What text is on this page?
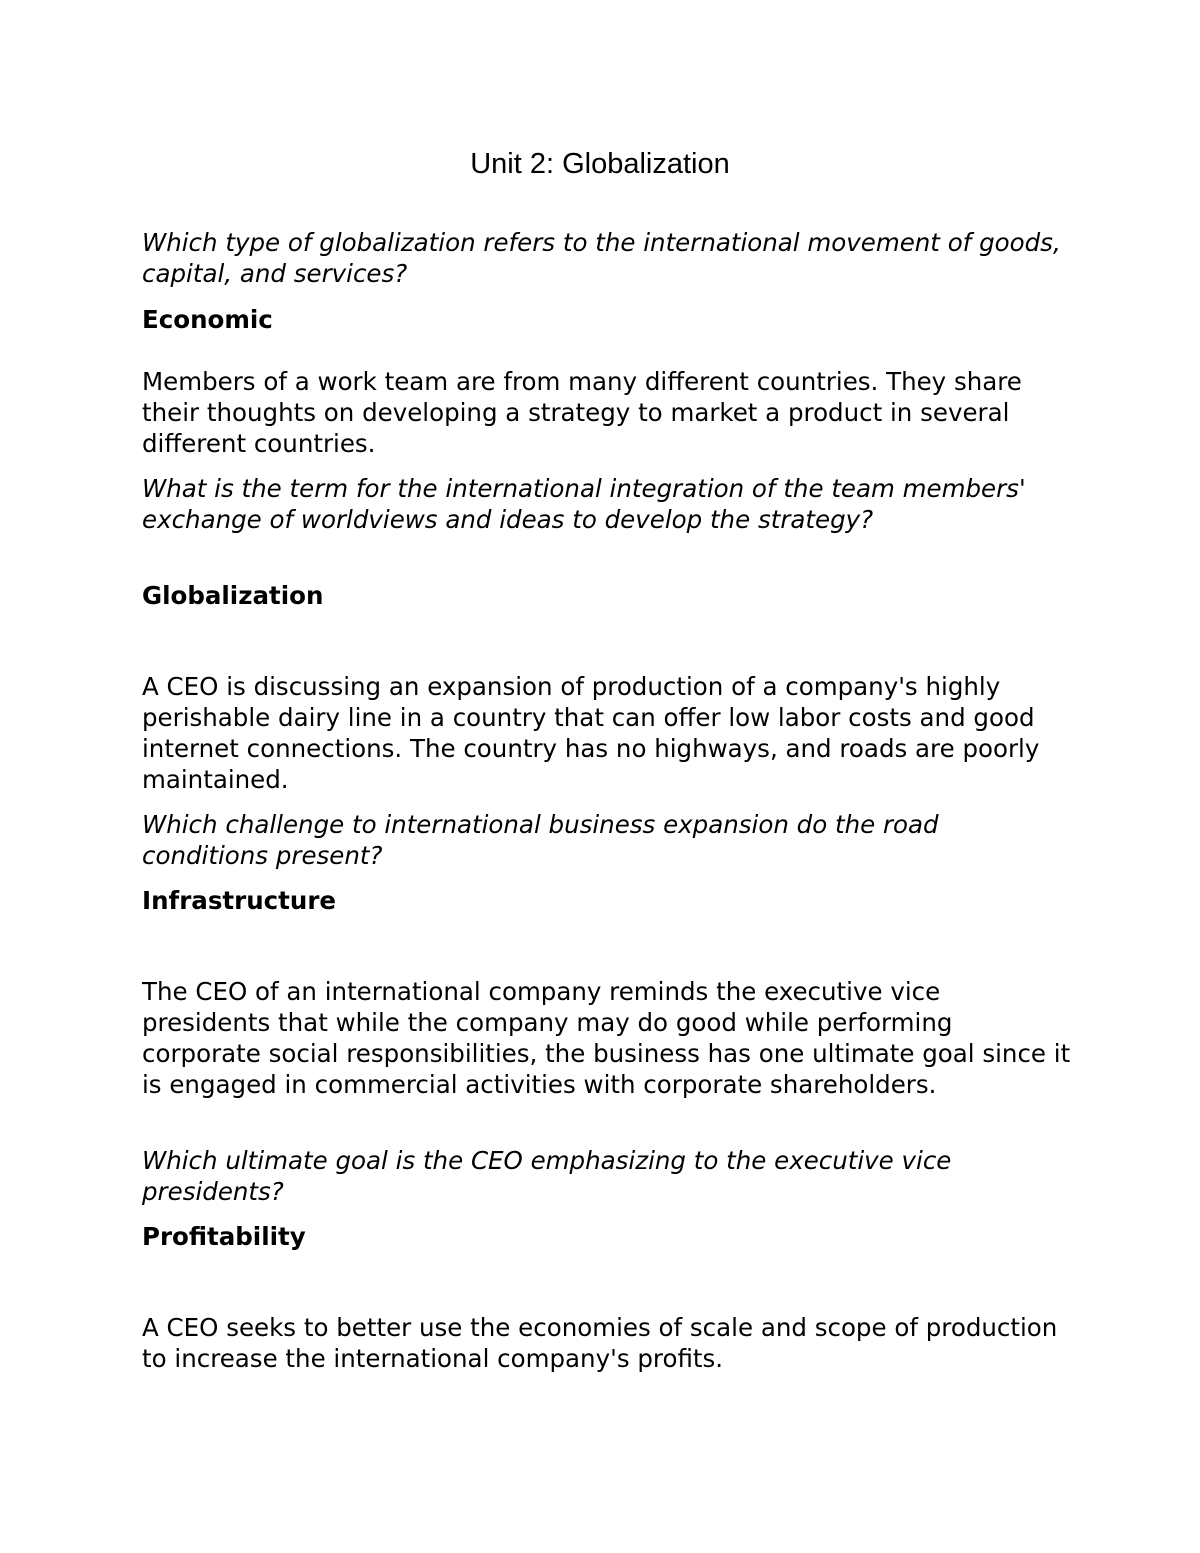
Unit 2: Globalization

Which type of globalization refers to the international movement of goods, capital, and services?

Economic

Members of a work team are from many different countries. They share their thoughts on developing a strategy to market a product in several different countries.

What is the term for the international integration of the team members' exchange of worldviews and ideas to develop the strategy?

Globalization

A CEO is discussing an expansion of production of a company's highly perishable dairy line in a country that can offer low labor costs and good internet connections. The country has no highways, and roads are poorly maintained.

Which challenge to international business expansion do the road conditions present?

Infrastructure

The CEO of an international company reminds the executive vice presidents that while the company may do good while performing corporate social responsibilities, the business has one ultimate goal since it is engaged in commercial activities with corporate shareholders.

Which ultimate goal is the CEO emphasizing to the executive vice presidents?

Profitability

A CEO seeks to better use the economies of scale and scope of production to increase the international company's profits.
